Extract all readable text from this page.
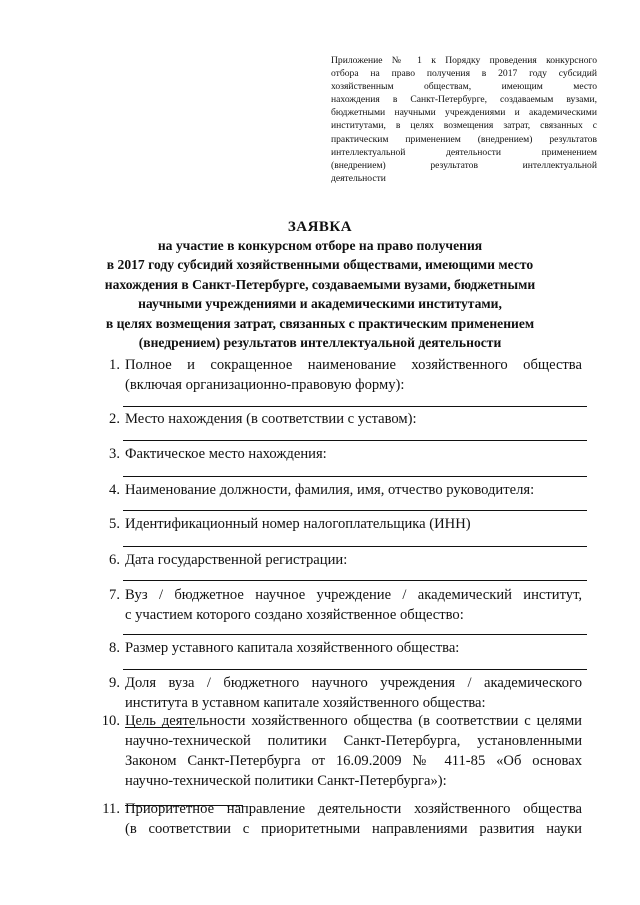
Приложение № 1 к Порядку проведения конкурсного
отбора на право получения в 2017 году субсидий
хозяйственным обществам, имеющим место
нахождения в Санкт-Петербурге, создаваемым вузами,
бюджетными научными учреждениями и академическими
институтами, в целях возмещения затрат, связанных с
практическим применением (внедрением) результатов
интеллектуальной деятельности применением
(внедрением) результатов интеллектуальной
деятельности
ЗАЯВКА
на участие в конкурсном отборе на право получения
в 2017 году субсидий хозяйственными обществами, имеющими место
нахождения в Санкт-Петербурге, создаваемыми вузами, бюджетными
научными учреждениями и академическими институтами,
в целях возмещения затрат, связанных с практическим применением
(внедрением) результатов интеллектуальной деятельности
1. Полное и сокращенное наименование хозяйственного общества
(включая организационно-правовую форму):
2. Место нахождения (в соответствии с уставом):
3. Фактическое место нахождения:
4. Наименование должности, фамилия, имя, отчество руководителя:
5. Идентификационный номер налогоплательщика (ИНН)
6. Дата государственной регистрации:
7. Вуз / бюджетное научное учреждение / академический институт,
с участием которого создано хозяйственное общество:
8. Размер уставного капитала хозяйственного общества:
9. Доля вуза / бюджетного научного учреждения / академического
института в уставном капитале хозяйственного общества:
10. Цель деятельности хозяйственного общества (в соответствии с целями
научно-технической политики Санкт-Петербурга, установленными
Законом Санкт-Петербурга от 16.09.2009 № 411-85 «Об основах
научно-технической политики Санкт-Петербурга»):
11. Приоритетное направление деятельности хозяйственного общества
(в соответствии с приоритетными направлениями развития науки
